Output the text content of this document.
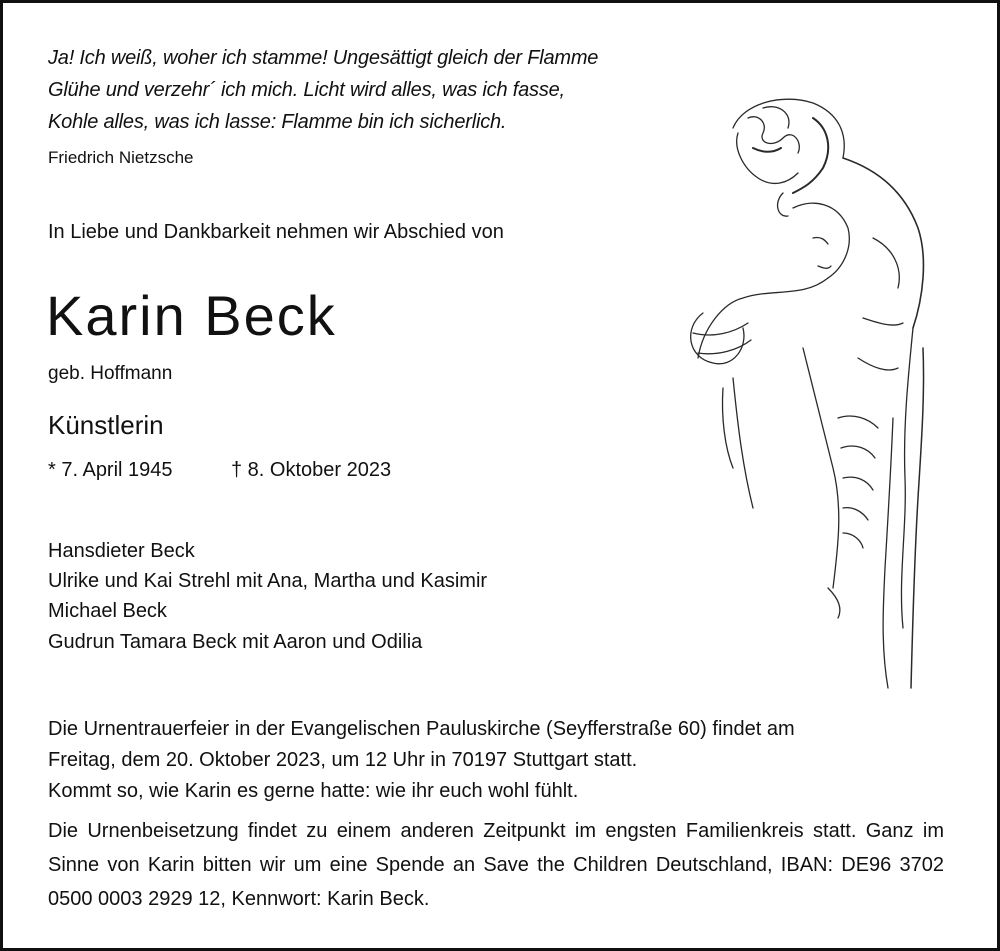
Ja! Ich weiß, woher ich stamme! Ungesättigt gleich der Flamme
Glühe und verzehr´ ich mich. Licht wird alles, was ich fasse,
Kohle alles, was ich lasse: Flamme bin ich sicherlich.
Friedrich Nietzsche
In Liebe und Dankbarkeit nehmen wir Abschied von
Karin Beck
geb. Hoffmann
Künstlerin
* 7. April 1945	† 8. Oktober 2023
Hansdieter Beck
Ulrike und Kai Strehl mit Ana, Martha und Kasimir
Michael Beck
Gudrun Tamara Beck mit Aaron und Odilia
Die Urnentrauerfeier in der Evangelischen Pauluskirche (Seyfferstraße 60) findet am
Freitag, dem 20. Oktober 2023, um 12 Uhr in 70197 Stuttgart statt.
Kommt so, wie Karin es gerne hatte: wie ihr euch wohl fühlt.
Die Urnenbeisetzung findet zu einem anderen Zeitpunkt im engsten Familienkreis statt. Ganz im Sinne von Karin bitten wir um eine Spende an Save the Children Deutschland, IBAN: DE96 3702 0500 0003 2929 12, Kennwort: Karin Beck.
